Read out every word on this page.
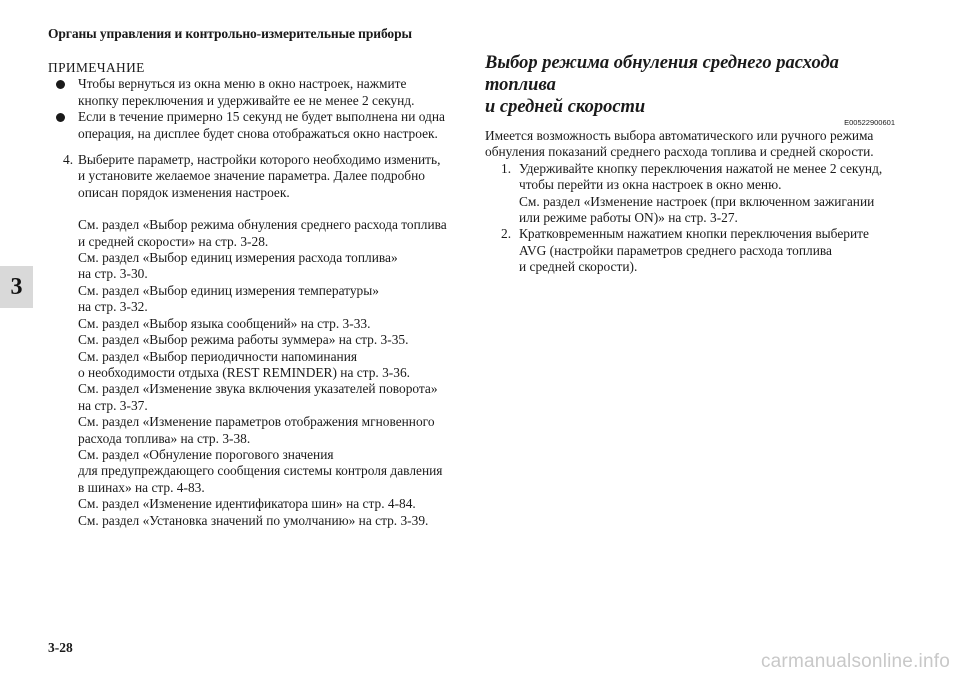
Органы управления и контрольно-измерительные приборы
3
ПРИМЕЧАНИЕ
Чтобы вернуться из окна меню в окно настроек, нажмите
кнопку переключения и удерживайте ее не менее 2 секунд.
Если в течение примерно 15 секунд не будет выполнена ни одна
операция, на дисплее будет снова отображаться окно настроек.
4. Выберите параметр, настройки которого необходимо изменить,
и установите желаемое значение параметра. Далее подробно
описан порядок изменения настроек.
См. раздел «Выбор режима обнуления среднего расхода топлива
и средней скорости» на стр. 3-28.
См. раздел «Выбор единиц измерения расхода топлива»
на стр. 3-30.
См. раздел «Выбор единиц измерения температуры»
на стр. 3-32.
См. раздел «Выбор языка сообщений» на стр. 3-33.
См. раздел «Выбор режима работы зуммера» на стр. 3-35.
См. раздел «Выбор периодичности напоминания
о необходимости отдыха (REST REMINDER) на стр. 3-36.
См. раздел «Изменение звука включения указателей поворота»
на стр. 3-37.
См. раздел «Изменение параметров отображения мгновенного
расхода топлива» на стр. 3-38.
См. раздел «Обнуление порогового значения
для предупреждающего сообщения системы контроля давления
в шинах» на стр. 4-83.
См. раздел «Изменение идентификатора шин» на стр. 4-84.
См. раздел «Установка значений по умолчанию» на стр. 3-39.
Выбор режима обнуления среднего расхода топлива
и средней скорости
E00522900601
Имеется возможность выбора автоматического или ручного режима
обнуления показаний среднего расхода топлива и средней скорости.
1. Удерживайте кнопку переключения нажатой не менее 2 секунд,
чтобы перейти из окна настроек в окно меню.
См. раздел «Изменение настроек (при включенном зажигании
или режиме работы ON)» на стр. 3-27.
2. Кратковременным нажатием кнопки переключения выберите
AVG (настройки параметров среднего расхода топлива
и средней скорости).
3-28
carmanualsonline.info
